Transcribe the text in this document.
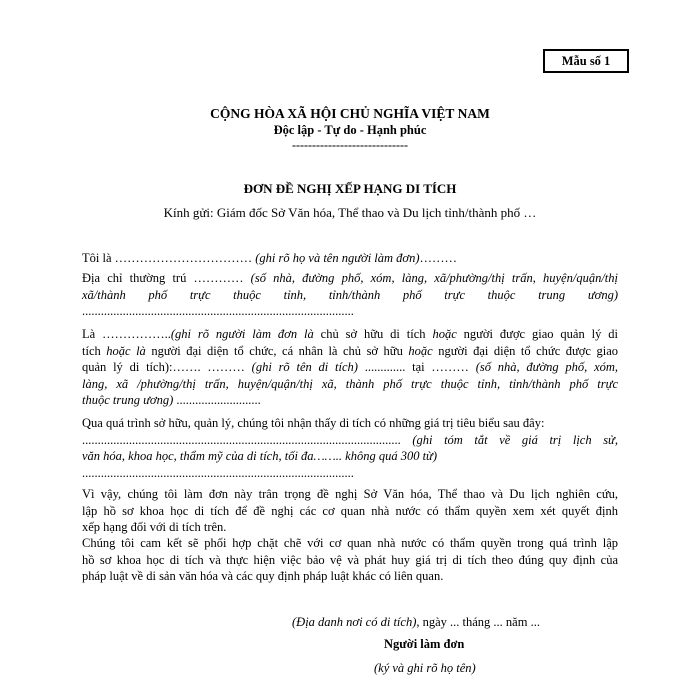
Mẫu số 1
CỘNG HÒA XÃ HỘI CHỦ NGHĨA VIỆT NAM
Độc lập - Tự do - Hạnh phúc
-----------------------------
ĐƠN ĐỀ NGHỊ XẾP HẠNG DI TÍCH
Kính gửi: Giám đốc Sở Văn hóa, Thể thao và Du lịch tỉnh/thành phố …
Tôi là …………………………… (ghi rõ họ và tên người làm đơn)………
Địa chỉ thường trú ………… (số nhà, đường phố, xóm, làng, xã/phường/thị trấn, huyện/quận/thị
xã/thành phố trực thuộc tỉnh, tỉnh/thành phố trực thuộc trung ương)
.......................................................................................
Là ……………..(ghi rõ người làm đơn là chủ sở hữu di tích hoặc người được giao quản lý di
tích hoặc là người đại diện tổ chức, cá nhân là chủ sở hữu hoặc người đại diện tổ chức được giao
quản lý di tích):……. ……… (ghi rõ tên di tích) ............. tại ……… (số nhà, đường phố, xóm,
làng, xã /phường/thị trấn, huyện/quận/thị xã, thành phố trực thuộc tỉnh, tỉnh/thành phố trực
thuộc trung ương) ...........................
Qua quá trình sở hữu, quản lý, chúng tôi nhận thấy di tích có những giá trị tiêu biểu sau đây:
...................................................................................................... (ghi tóm tắt về giá trị lịch sử,
văn hóa, khoa học, thẩm mỹ của di tích, tối đa…….. không quá 300 từ)
.......................................................................................
Vì vậy, chúng tôi làm đơn này trân trọng đề nghị Sở Văn hóa, Thể thao và Du lịch nghiên cứu,
lập hồ sơ khoa học di tích để đề nghị các cơ quan nhà nước có thẩm quyền xem xét quyết định
xếp hạng đối với di tích trên.
Chúng tôi cam kết sẽ phối hợp chặt chẽ với cơ quan nhà nước có thẩm quyền trong quá trình lập
hồ sơ khoa học di tích và thực hiện việc bảo vệ và phát huy giá trị di tích theo đúng quy định của
pháp luật về di sản văn hóa và các quy định pháp luật khác có liên quan.
(Địa danh nơi có di tích), ngày ... tháng ... năm ...
Người làm đơn
(ký và ghi rõ họ tên)
